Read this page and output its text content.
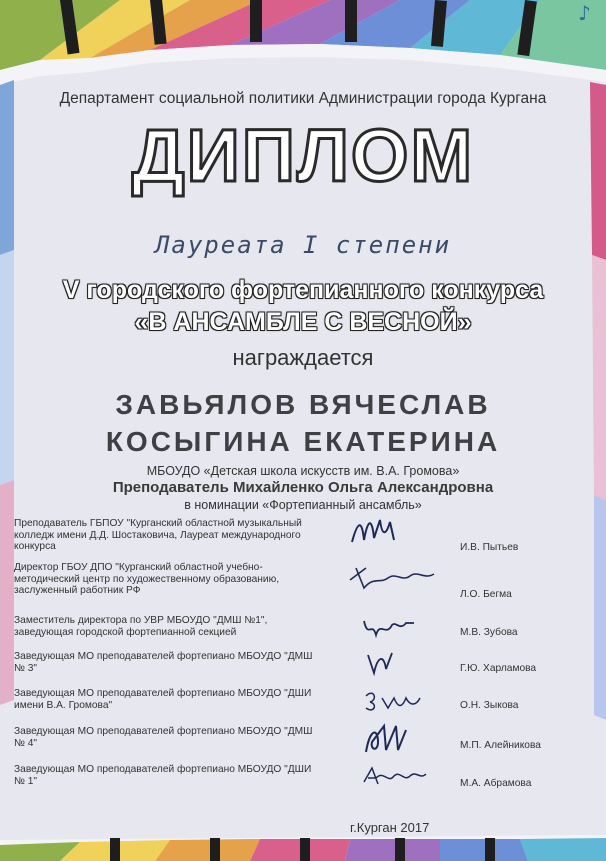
♪
Департамент социальной политики Администрации города Кургана
ДИПЛОМ
Лауреата I степени
V городского фортепианного конкурса
«В АНСАМБЛЕ С ВЕСНОЙ»
награждается
ЗАВЬЯЛОВ ВЯЧЕСЛАВ
КОСЫГИНА ЕКАТЕРИНА
МБОУДО «Детская школа искусств им. В.А. Громова»
Преподаватель Михайленко Ольга Александровна
в номинации «Фортепианный ансамбль»
Преподаватель ГБПОУ "Курганский областной музыкальный колледж имени Д.Д. Шостаковича, Лауреат международного конкурса	И.В. Пытьев
Директор ГБОУ ДПО "Курганский областной учебно-методический центр по художественному образованию, заслуженный работник РФ	Л.О. Бегма
Заместитель директора по УВР МБОУДО "ДМШ №1", заведующая городской фортепианной секцией	М.В. Зубова
Заведующая МО преподавателей фортепиано МБОУДО "ДМШ № 3"	Г.Ю. Харламова
Заведующая МО преподавателей фортепиано МБОУДО "ДШИ имени В.А. Громова"	О.Н. Зыкова
Заведующая МО преподавателей фортепиано МБОУДО "ДМШ № 4"	М.П. Алейникова
Заведующая МО преподавателей фортепиано МБОУДО "ДШИ № 1"	М.А. Абрамова
г.Курган 2017
